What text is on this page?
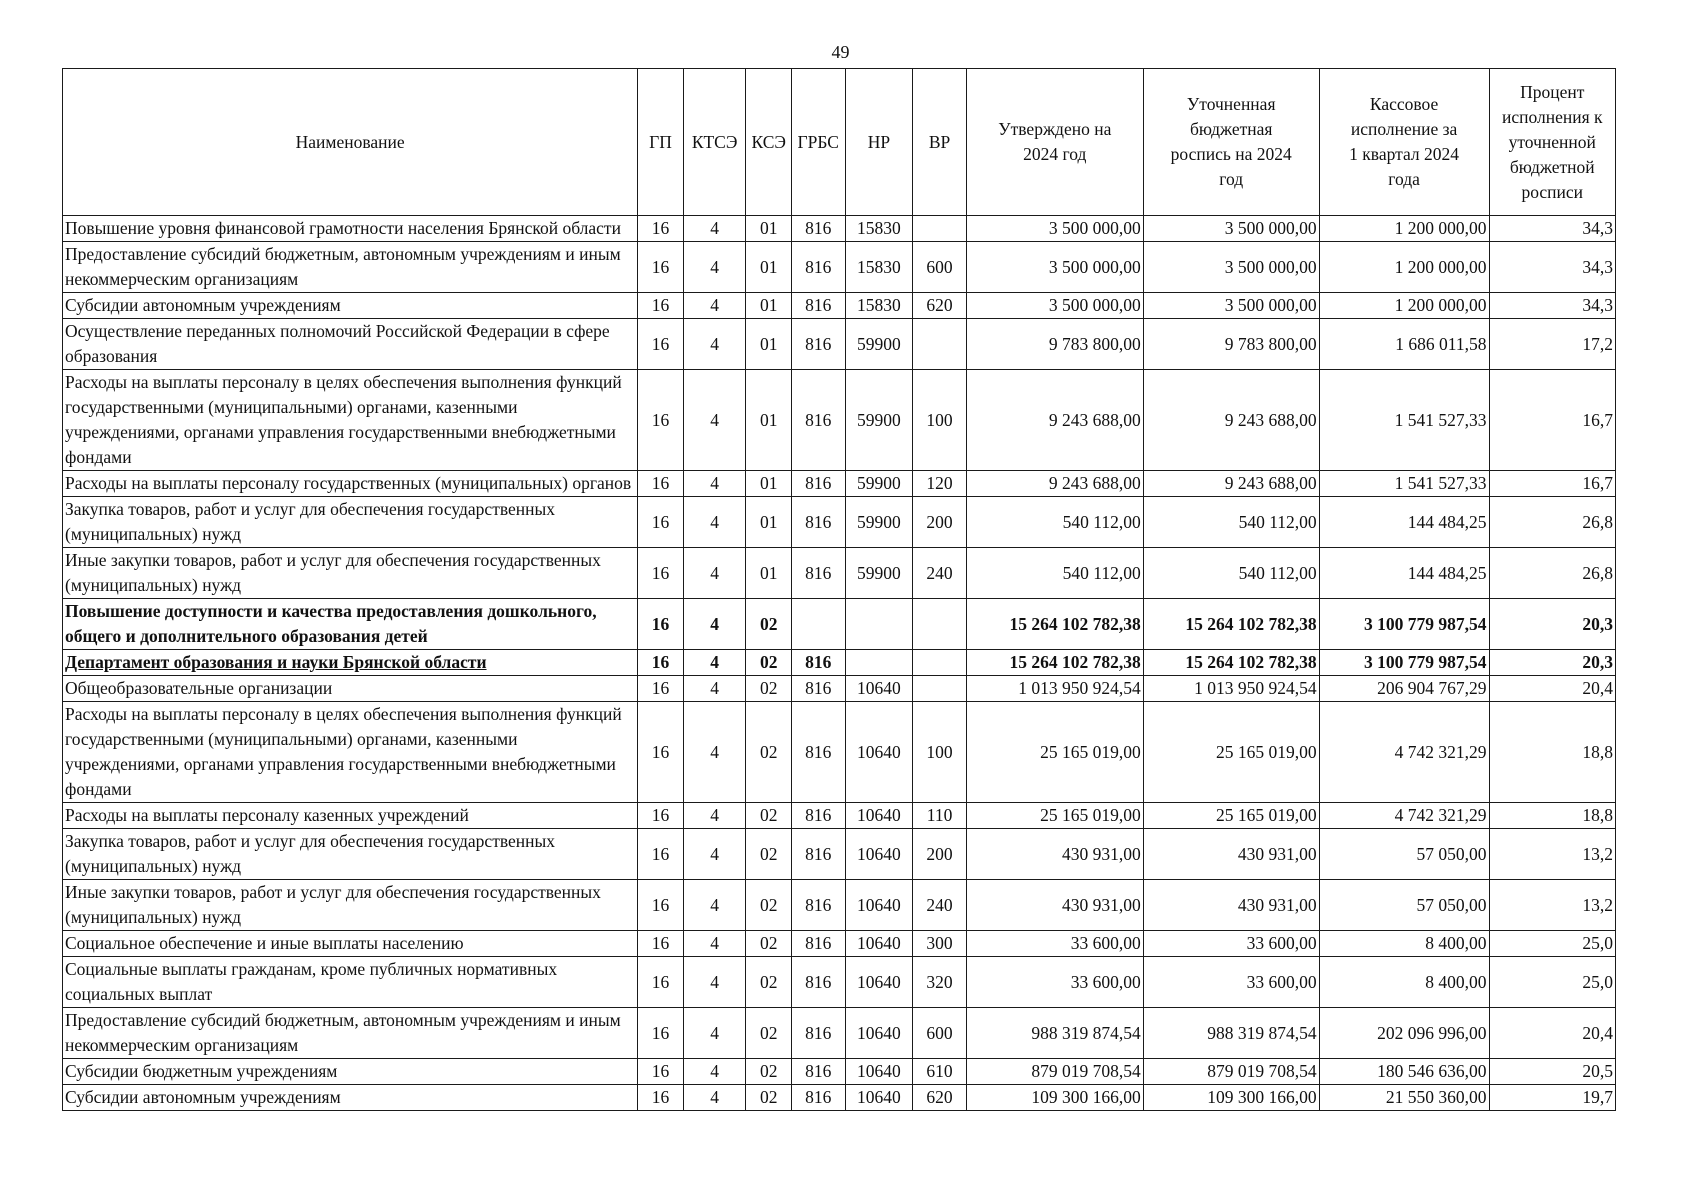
49
Наименование	ГП	КТСЭ	КСЭ	ГРБС	НР	ВР	Утверждено на 2024 год	Уточненная бюджетная роспись на 2024 год	Кассовое исполнение за 1 квартал 2024 года	Процент исполнения к уточненной бюджетной росписи
Повышение уровня финансовой грамотности населения Брянской области	16	4	01	816	15830		3 500 000,00	3 500 000,00	1 200 000,00	34,3
Предоставление субсидий бюджетным, автономным учреждениям и иным некоммерческим организациям	16	4	01	816	15830	600	3 500 000,00	3 500 000,00	1 200 000,00	34,3
Субсидии автономным учреждениям	16	4	01	816	15830	620	3 500 000,00	3 500 000,00	1 200 000,00	34,3
Осуществление переданных полномочий Российской Федерации в сфере образования	16	4	01	816	59900		9 783 800,00	9 783 800,00	1 686 011,58	17,2
Расходы на выплаты персоналу в целях обеспечения выполнения функций государственными (муниципальными) органами, казенными учреждениями, органами управления государственными внебюджетными фондами	16	4	01	816	59900	100	9 243 688,00	9 243 688,00	1 541 527,33	16,7
Расходы на выплаты персоналу государственных (муниципальных) органов	16	4	01	816	59900	120	9 243 688,00	9 243 688,00	1 541 527,33	16,7
Закупка товаров, работ и услуг для обеспечения государственных (муниципальных) нужд	16	4	01	816	59900	200	540 112,00	540 112,00	144 484,25	26,8
Иные закупки товаров, работ и услуг для обеспечения государственных (муниципальных) нужд	16	4	01	816	59900	240	540 112,00	540 112,00	144 484,25	26,8
Повышение доступности и качества предоставления дошкольного, общего и дополнительного образования детей	16	4	02				15 264 102 782,38	15 264 102 782,38	3 100 779 987,54	20,3
Департамент образования и науки Брянской области	16	4	02	816			15 264 102 782,38	15 264 102 782,38	3 100 779 987,54	20,3
Общеобразовательные организации	16	4	02	816	10640		1 013 950 924,54	1 013 950 924,54	206 904 767,29	20,4
Расходы на выплаты персоналу в целях обеспечения выполнения функций государственными (муниципальными) органами, казенными учреждениями, органами управления государственными внебюджетными фондами	16	4	02	816	10640	100	25 165 019,00	25 165 019,00	4 742 321,29	18,8
Расходы на выплаты персоналу казенных учреждений	16	4	02	816	10640	110	25 165 019,00	25 165 019,00	4 742 321,29	18,8
Закупка товаров, работ и услуг для обеспечения государственных (муниципальных) нужд	16	4	02	816	10640	200	430 931,00	430 931,00	57 050,00	13,2
Иные закупки товаров, работ и услуг для обеспечения государственных (муниципальных) нужд	16	4	02	816	10640	240	430 931,00	430 931,00	57 050,00	13,2
Социальное обеспечение и иные выплаты населению	16	4	02	816	10640	300	33 600,00	33 600,00	8 400,00	25,0
Социальные выплаты гражданам, кроме публичных нормативных социальных выплат	16	4	02	816	10640	320	33 600,00	33 600,00	8 400,00	25,0
Предоставление субсидий бюджетным, автономным учреждениям и иным некоммерческим организациям	16	4	02	816	10640	600	988 319 874,54	988 319 874,54	202 096 996,00	20,4
Субсидии бюджетным учреждениям	16	4	02	816	10640	610	879 019 708,54	879 019 708,54	180 546 636,00	20,5
Субсидии автономным учреждениям	16	4	02	816	10640	620	109 300 166,00	109 300 166,00	21 550 360,00	19,7
